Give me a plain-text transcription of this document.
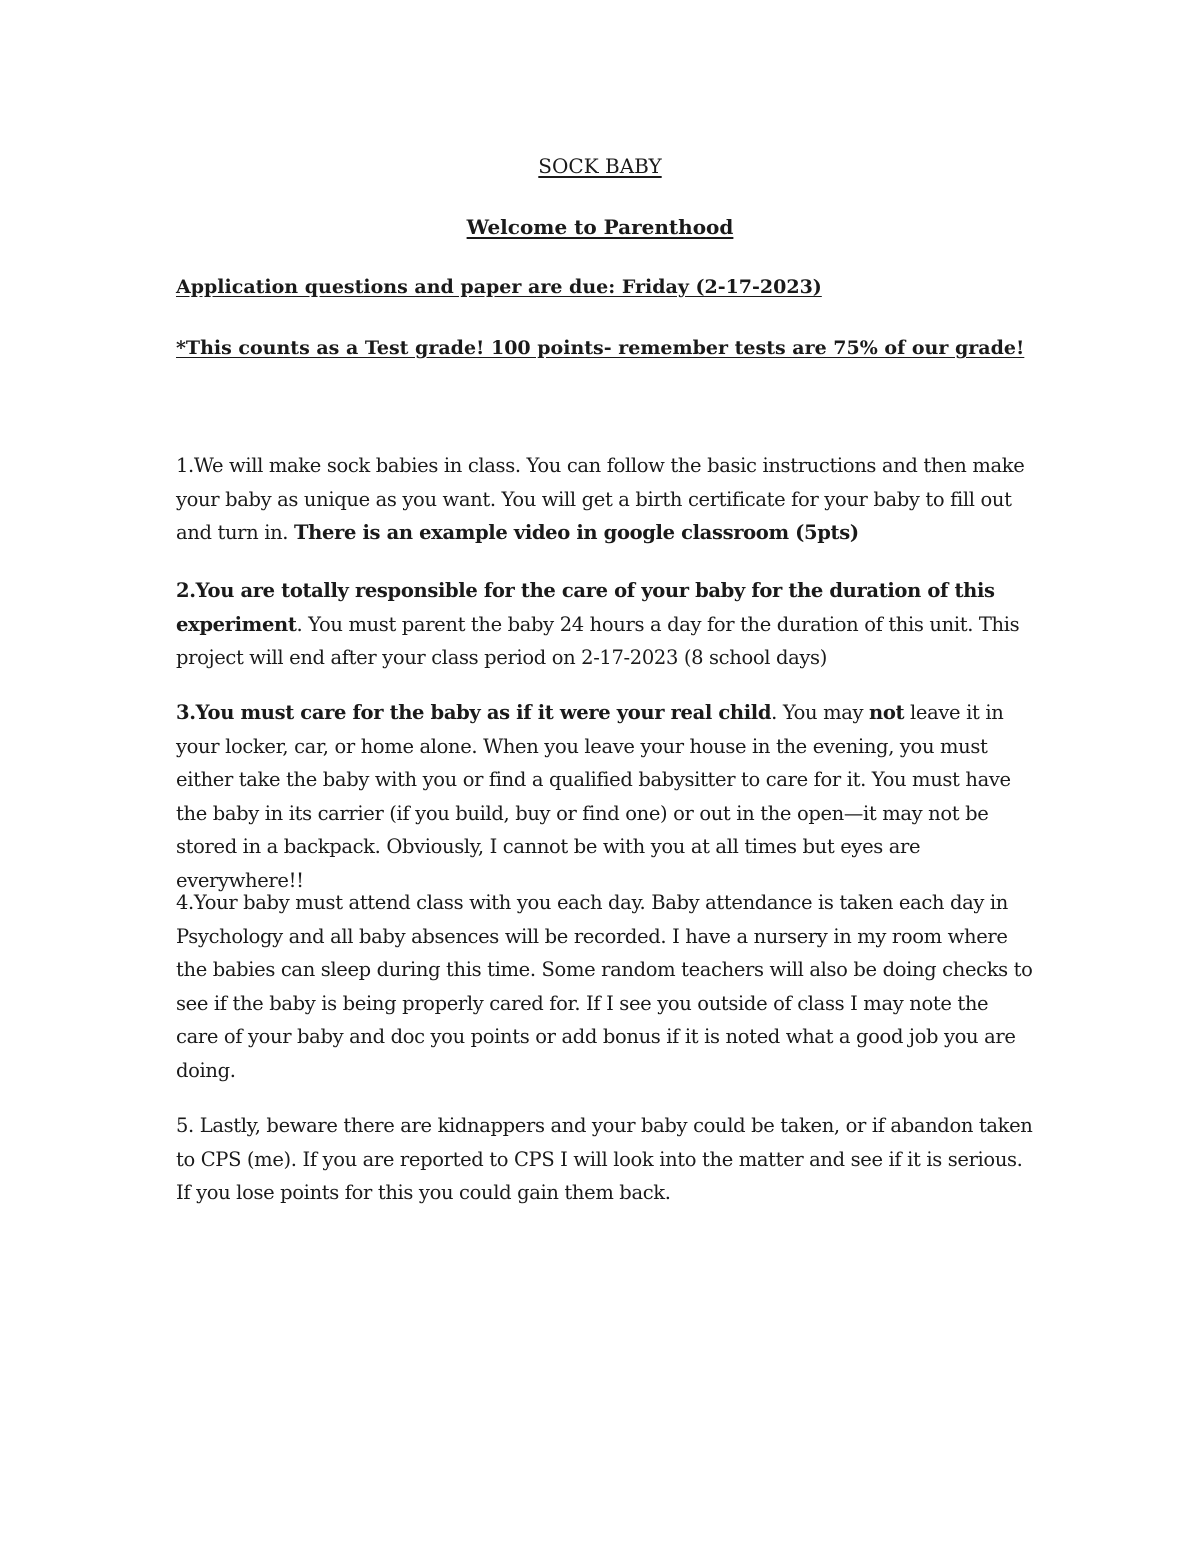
SOCK BABY
Welcome to Parenthood
Application questions and paper are due: Friday (2-17-2023)
*This counts as a Test grade! 100 points- remember tests are 75% of our grade!

1.We will make sock babies in class. You can follow the basic instructions and then make your baby as unique as you want. You will get a birth certificate for your baby to fill out and turn in. There is an example video in google classroom (5pts)

2.You are totally responsible for the care of your baby for the duration of this experiment. You must parent the baby 24 hours a day for the duration of this unit. This project will end after your class period on 2-17-2023 (8 school days)

3.You must care for the baby as if it were your real child. You may not leave it in your locker, car, or home alone. When you leave your house in the evening, you must either take the baby with you or find a qualified babysitter to care for it. You must have the baby in its carrier (if you build, buy or find one) or out in the open—it may not be stored in a backpack. Obviously, I cannot be with you at all times but eyes are everywhere!!

4.Your baby must attend class with you each day. Baby attendance is taken each day in Psychology and all baby absences will be recorded. I have a nursery in my room where the babies can sleep during this time. Some random teachers will also be doing checks to see if the baby is being properly cared for. If I see you outside of class I may note the care of your baby and doc you points or add bonus if it is noted what a good job you are doing.

5. Lastly, beware there are kidnappers and your baby could be taken, or if abandon taken to CPS (me). If you are reported to CPS I will look into the matter and see if it is serious. If you lose points for this you could gain them back.
